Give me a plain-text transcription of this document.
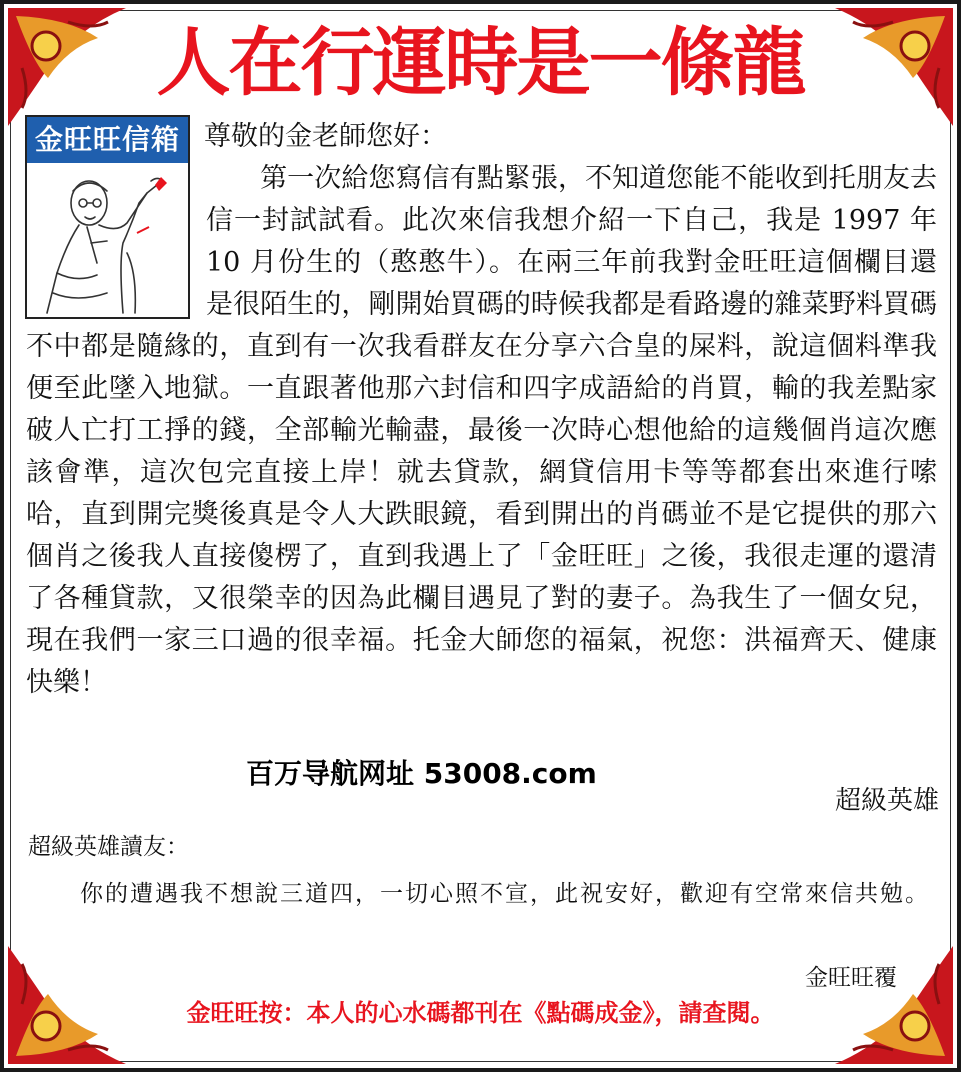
人在行運時是一條龍
金旺旺信箱 尊敬的金老師您好：
第一次給您寫信有點緊張，不知道您能不能收到托朋友去信一封試試看。此次來信我想介紹一下自己，我是 1997 年 10 月份生的（憨憨牛）。在兩三年前我對金旺旺這個欄目還是很陌生的，剛開始買碼的時候我都是看路邊的雜菜野料買碼不中都是隨緣的，直到有一次我看群友在分享六合皇的屎料，說這個料準我便至此墜入地獄。一直跟著他那六封信和四字成語給的肖買，輸的我差點家破人亡打工掙的錢，全部輸光輸盡，最後一次時心想他給的這幾個肖這次應該會準，這次包完直接上岸！就去貸款，網貸信用卡等等都套出來進行嗦哈，直到開完獎後真是令人大跌眼鏡，看到開出的肖碼並不是它提供的那六個肖之後我人直接傻楞了，直到我遇上了「金旺旺」之後，我很走運的還清了各種貸款，又很榮幸的因為此欄目遇見了對的妻子。為我生了一個女兒，現在我們一家三口過的很幸福。托金大師您的福氣，祝您：洪福齊天、健康快樂！
百万导航网址 53008.com
超級英雄
超級英雄讀友：
你的遭遇我不想說三道四，一切心照不宣，此祝安好，歡迎有空常來信共勉。
金旺旺覆
金旺旺按：本人的心水碼都刊在《點碼成金》，請查閱。
